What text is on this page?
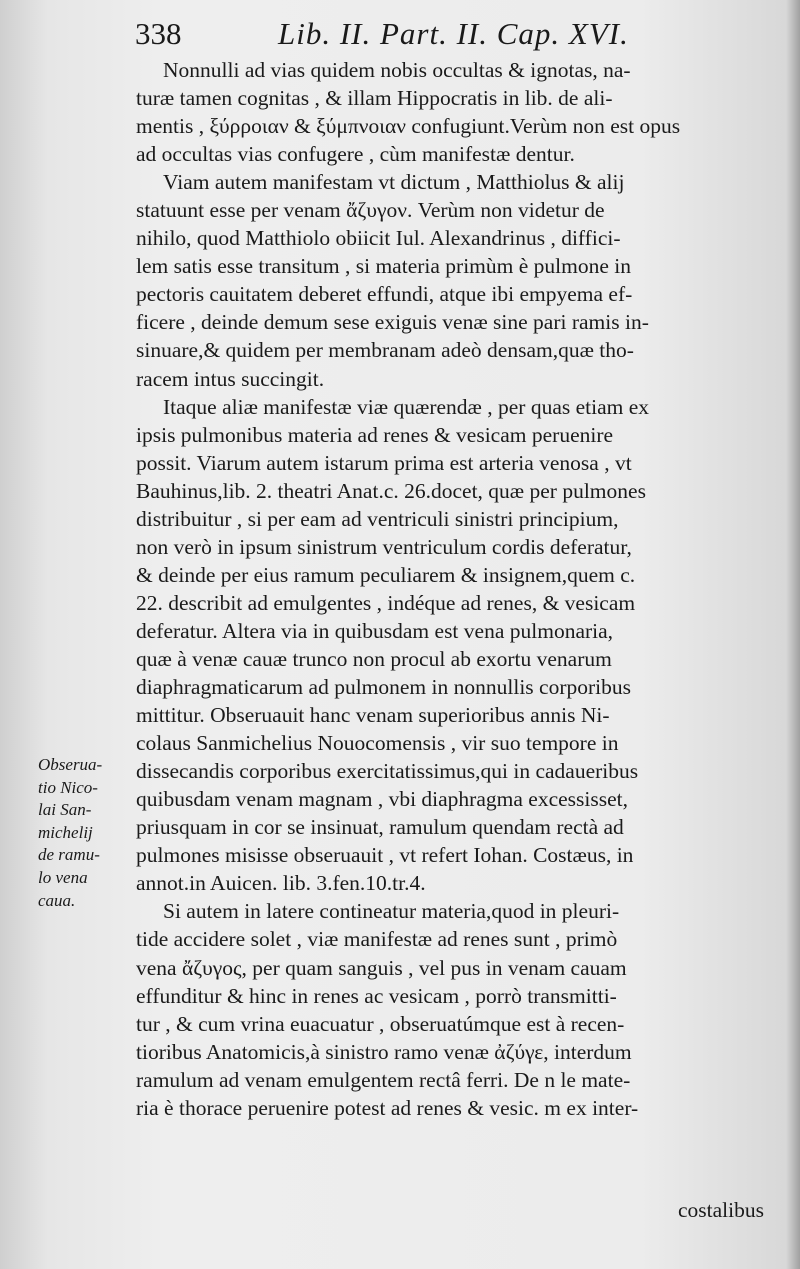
338	Lib. II. Part. II. Cap. XVI.
Nonnulli ad vias quidem nobis occultas & ignotas, na-
turæ tamen cognitas , & illam Hippocratis in lib. de ali-
mentis , ξύρροιαν & ξύμπνοιαν confugiunt.Verùm non est opus
ad occultas vias confugere , cùm manifestæ dentur.
Viam autem manifestam vt dictum , Matthiolus & alij
statuunt esse per venam ἄζυγον. Verùm non videtur de
nihilo, quod Matthiolo obiicit Iul. Alexandrinus , diffici-
lem satis esse transitum , si materia primùm è pulmone in
pectoris cauitatem deberet effundi, atque ibi empyema ef-
ficere , deinde demum sese exiguis venæ sine pari ramis in-
sinuare,& quidem per membranam adeò densam,quæ tho-
racem intus succingit.
Itaque aliæ manifestæ viæ quærendæ , per quas etiam ex
ipsis pulmonibus materia ad renes & vesicam peruenire
possit. Viarum autem istarum prima est arteria venosa , vt
Bauhinus,lib. 2. theatri Anat.c. 26.docet, quæ per pulmones
distribuitur , si per eam ad ventriculi sinistri principium,
non verò in ipsum sinistrum ventriculum cordis deferatur,
& deinde per eius ramum peculiarem & insignem,quem c.
22. describit ad emulgentes , indéque ad renes, & vesicam
deferatur. Altera via in quibusdam est vena pulmonaria,
quæ à venæ cauæ trunco non procul ab exortu venarum
diaphragmaticarum ad pulmonem in nonnullis corporibus
mittitur. Obseruauit hanc venam superioribus annis Ni-
colaus Sanmichelius Nouocomensis , vir suo tempore in
dissecandis corporibus exercitatissimus,qui in cadaueribus
quibusdam venam magnam , vbi diaphragma excessisset,
priusquam in cor se insinuat, ramulum quendam rectà ad
pulmones misisse obseruauit , vt refert Iohan. Costæus, in
annot.in Auicen. lib. 3.fen.10.tr.4.
Si autem in latere contineatur materia,quod in pleuri-
tide accidere solet , viæ manifestæ ad renes sunt , primò
vena ἄζυγος, per quam sanguis , vel pus in venam cauam
effunditur & hinc in renes ac vesicam , porrò transmitti-
tur , & cum vrina euacuatur , obseruatúmque est à recen-
tioribus Anatomicis,à sinistro ramo venæ ἀζύγε, interdum
ramulum ad venam emulgentem rectâ ferri. De n le mate-
ria è thorace peruenire potest ad renes & vesic. m ex inter-
Obserua-
tio Nico-
lai San-
michelij
de ramu-
lo vena
caua.
costalibus
